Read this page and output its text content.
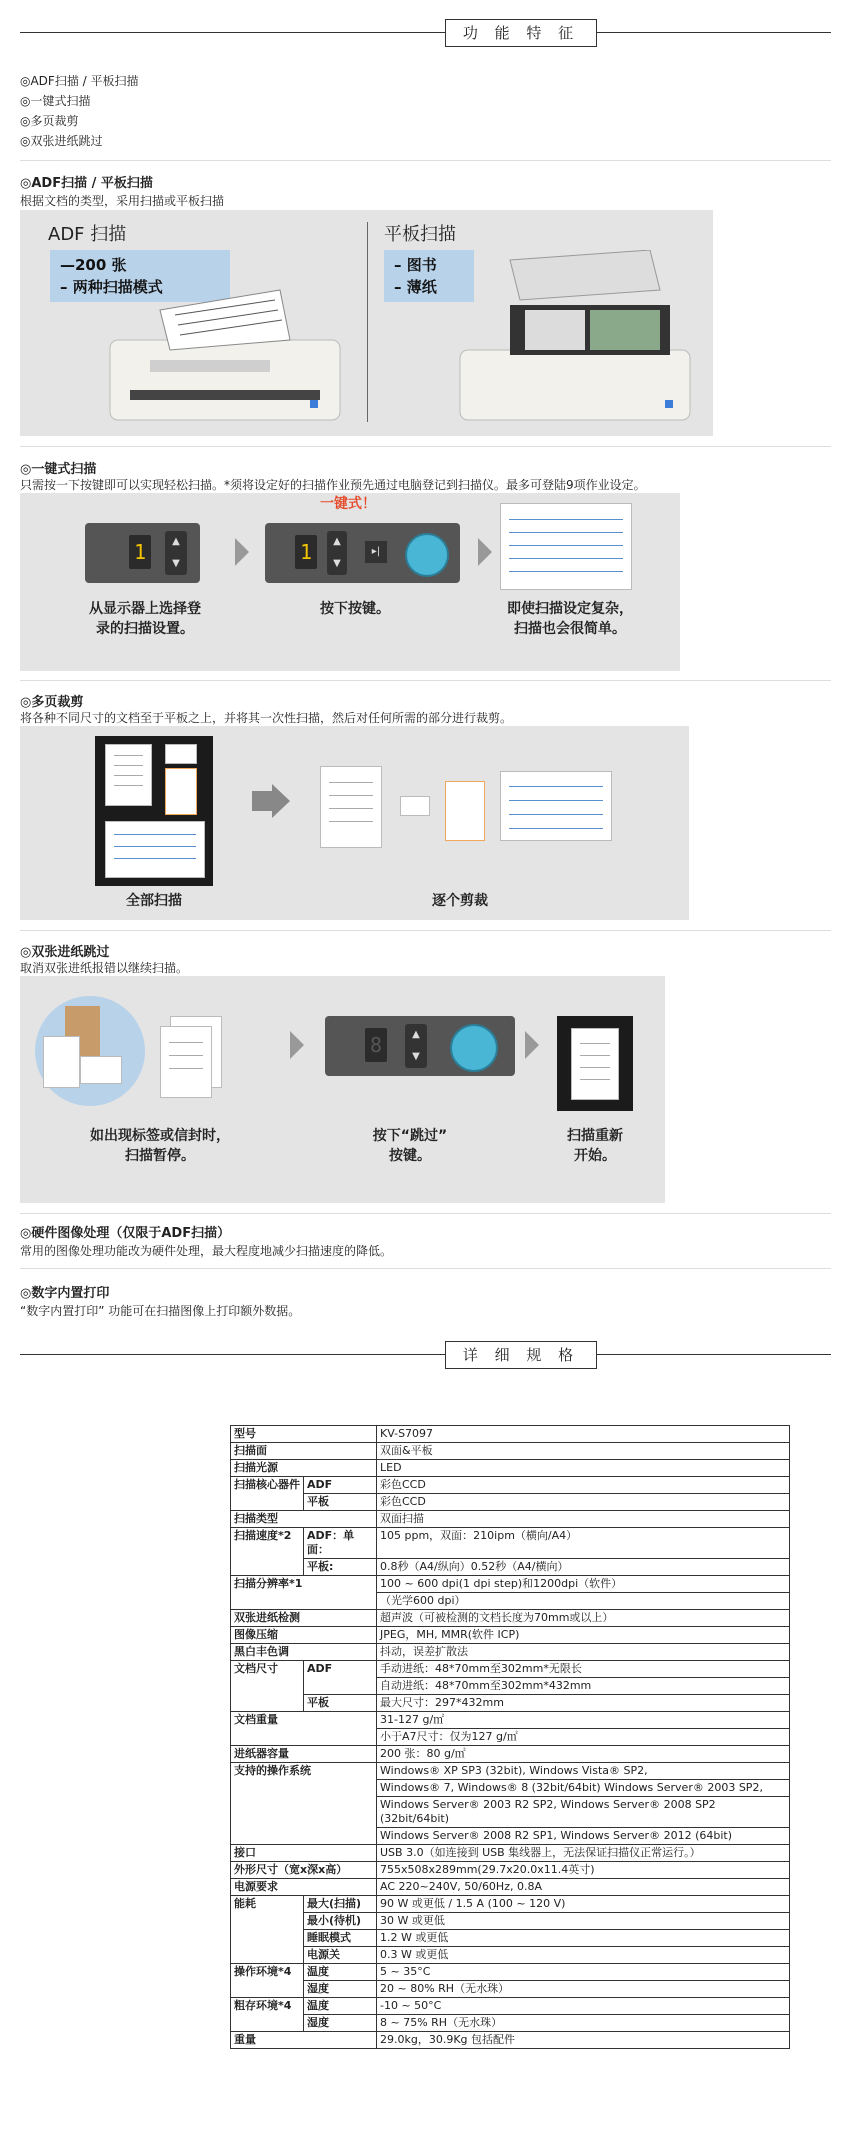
功 能 特 征
◎ADF扫描 / 平板扫描
◎一键式扫描
◎多页裁剪
◎双张进纸跳过
◎ADF扫描 / 平板扫描
根据文档的类型，采用扫描或平板扫描
ADF 扫描
—200 张
– 两种扫描模式
平板扫描
– 图书
– 薄纸
◎一键式扫描
只需按一下按键即可以实现轻松扫描。*须将设定好的扫描作业预先通过电脑登记到扫描仪。最多可登陆9项作业设定。
1	▲
▼
一键式！
1	▲
▼
▸|
从显示器上选择登
录的扫描设置。
按下按键。	即使扫描设定复杂，
扫描也会很简单。
◎多页裁剪
将各种不同尺寸的文档至于平板之上，并将其一次性扫描，然后对任何所需的部分进行裁剪。
全部扫描	逐个剪裁
◎双张进纸跳过
取消双张进纸报错以继续扫描。
8	▲
▼
如出现标签或信封时，
扫描暂停。
按下“跳过”
按键。
扫描重新
开始。
◎硬件图像处理（仅限于ADF扫描）
常用的图像处理功能改为硬件处理，最大程度地减少扫描速度的降低。
◎数字内置打印
“数字内置打印” 功能可在扫描图像上打印额外数据。
详 细 规 格
型号		KV-S7097
扫描面		双面&平板
扫描光源		LED
扫描核心器件	ADF	彩色CCD
	平板	彩色CCD
扫描类型		双面扫描
扫描速度*2	ADF：单面：	105 ppm，双面：210ipm（横向/A4）
	平板:	0.8秒（A4/纵向）0.52秒（A4/横向）
扫描分辨率*1		100 ~ 600 dpi(1 dpi step)和1200dpi（软件）
		（光学600 dpi）
双张进纸检测		超声波（可被检测的文档长度为70mm或以上）
图像压缩		JPEG，MH, MMR(软件 ICP)
黑白丰色调		抖动，误差扩散法
文档尺寸	ADF	手动进纸：48*70mm至302mm*无限长
		自动进纸：48*70mm至302mm*432mm
	平板	最大尺寸：297*432mm
文档重量		31-127 g/㎡
		小于A7尺寸：仅为127 g/㎡
进纸器容量		200 张：80 g/㎡
支持的操作系统		Windows® XP SP3 (32bit), Windows Vista® SP2,
		Windows® 7, Windows® 8 (32bit/64bit) Windows Server® 2003 SP2,
		Windows Server® 2003 R2 SP2, Windows Server® 2008 SP2 (32bit/64bit)
		Windows Server® 2008 R2 SP1, Windows Server® 2012 (64bit)
接口		USB 3.0（如连接到 USB 集线器上，无法保证扫描仪正常运行。）
外形尺寸（宽x深x高）		755x508x289mm(29.7x20.0x11.4英寸)
电源要求		AC 220~240V, 50/60Hz, 0.8A
能耗	最大(扫描)	90 W 或更低 / 1.5 A (100 ~ 120 V)
	最小(待机)	30 W 或更低
	睡眠模式	1.2 W 或更低
	电源关	0.3 W 或更低
操作环境*4	温度	5 ~ 35°C
	湿度	20 ~ 80% RH（无水珠）
粗存环境*4	温度	-10 ~ 50°C
	湿度	8 ~ 75% RH（无水珠）
重量		29.0kg，30.9Kg 包括配件
